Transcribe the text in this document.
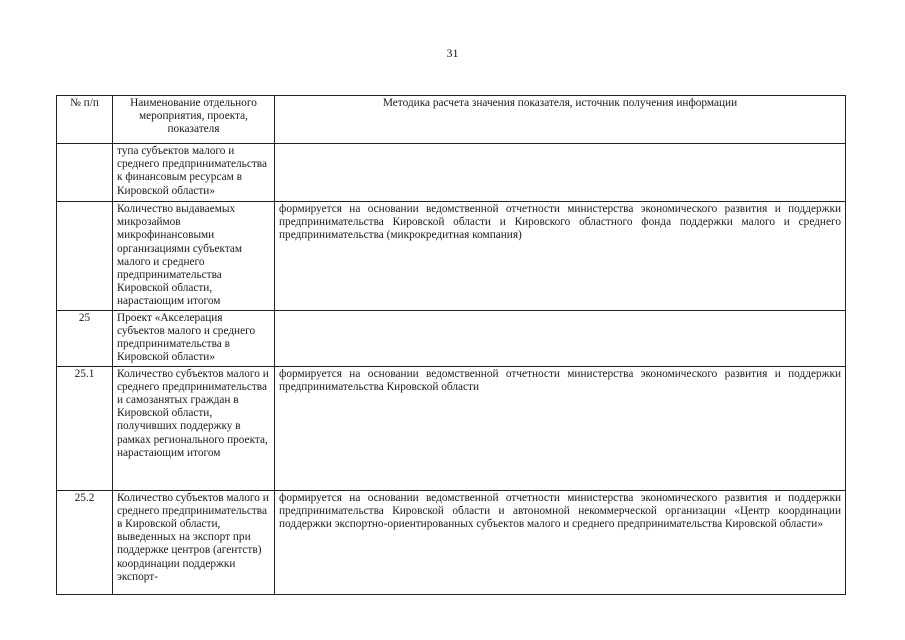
31
№ п/п	Наименование отдельного мероприятия, проекта, показателя	Методика расчета значения показателя, источник получения информации
	тупа субъектов малого и среднего предпринимательства к финансовым ресурсам в Кировской области»	
	Количество выдаваемых микрозаймов микрофинансовыми организациями субъектам малого и среднего предпринимательства Кировской области, нарастающим итогом	формируется на основании ведомственной отчетности министерства экономического развития и поддержки предпринимательства Кировской области и Кировского областного фонда поддержки малого и среднего предпринимательства (микрокредитная компания)
25	Проект «Акселерация субъектов малого и среднего предпринимательства в Кировской области»	
25.1	Количество субъектов малого и среднего предпринимательства и самозанятых граждан в Кировской области, получивших поддержку в рамках регионального проекта, нарастающим итогом	формируется на основании ведомственной отчетности министерства экономического развития и поддержки предпринимательства Кировской области
25.2	Количество субъектов малого и среднего предпринимательства в Кировской области, выведенных на экспорт при поддержке центров (агентств) координации поддержки экспорт-	формируется на основании ведомственной отчетности министерства экономического развития и поддержки предпринимательства Кировской области и автономной некоммерческой организации «Центр координации поддержки экспортно-ориентированных субъектов малого и среднего предпринимательства Кировской области»
